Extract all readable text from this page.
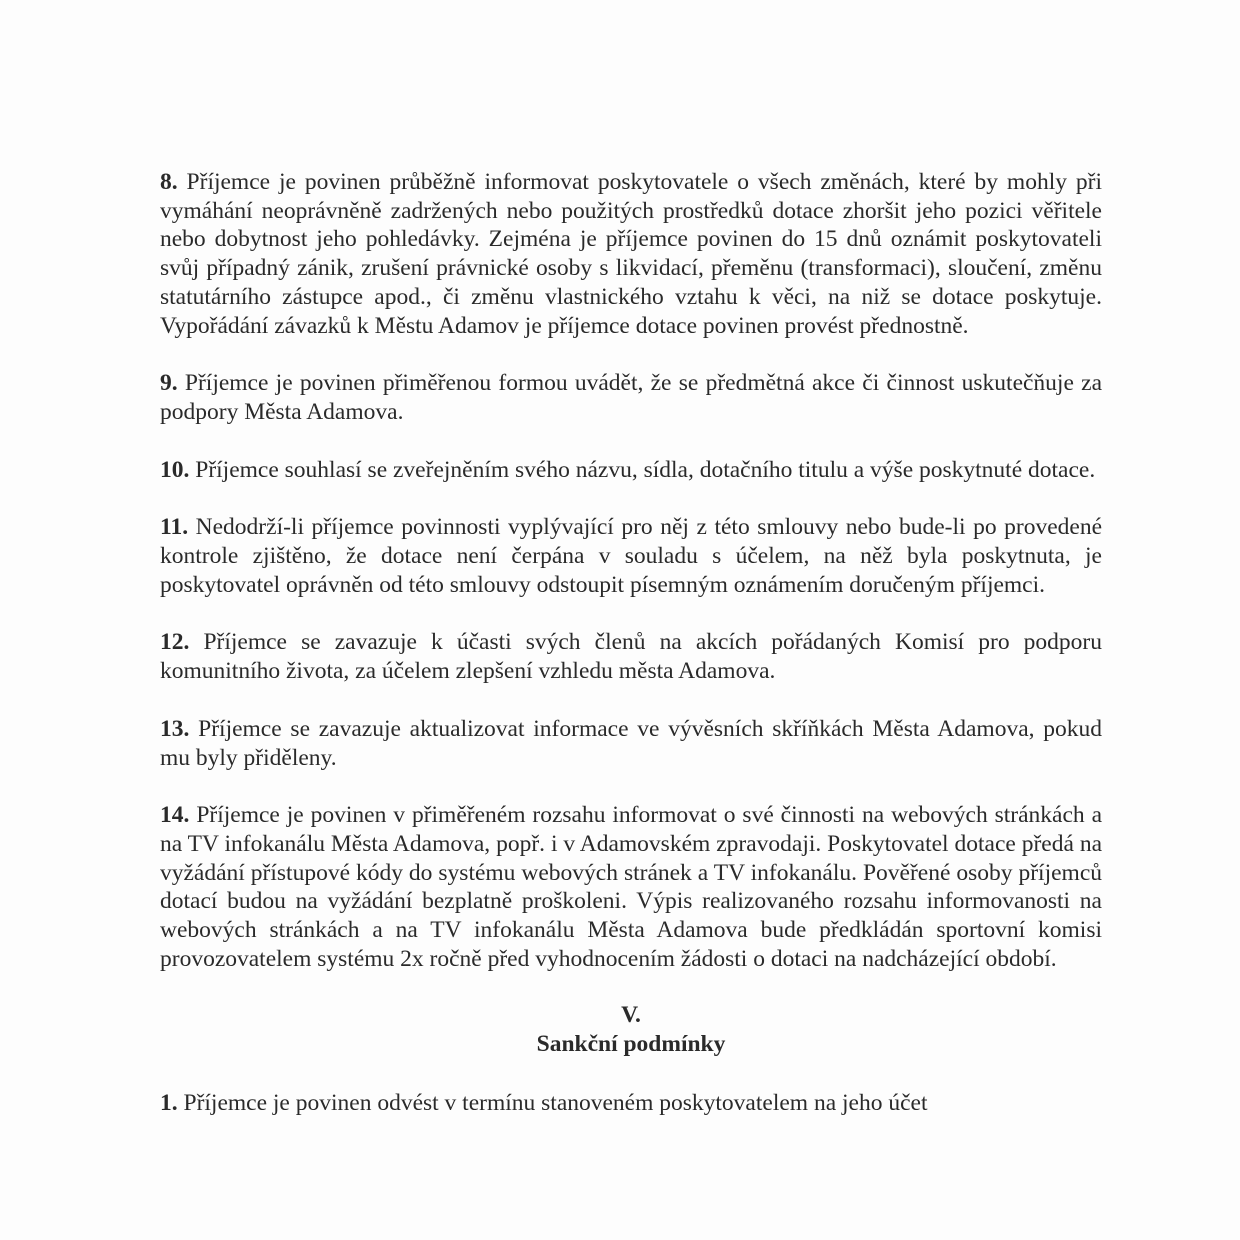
8. Příjemce je povinen průběžně informovat poskytovatele o všech změnách, které by mohly při vymáhání neoprávněně zadržených nebo použitých prostředků dotace zhoršit jeho pozici věřitele nebo dobytnost jeho pohledávky. Zejména je příjemce povinen do 15 dnů oznámit poskytovateli svůj případný zánik, zrušení právnické osoby s likvidací, přeměnu (transformaci), sloučení, změnu statutárního zástupce apod., či změnu vlastnického vztahu k věci, na niž se dotace poskytuje. Vypořádání závazků k Městu Adamov je příjemce dotace povinen provést přednostně.

9. Příjemce je povinen přiměřenou formou uvádět, že se předmětná akce či činnost uskutečňuje za podpory Města Adamova.

10. Příjemce souhlasí se zveřejněním svého názvu, sídla, dotačního titulu a výše poskytnuté dotace.

11. Nedodrží-li příjemce povinnosti vyplývající pro něj z této smlouvy nebo bude-li po provedené kontrole zjištěno, že dotace není čerpána v souladu s účelem, na něž byla poskytnuta, je poskytovatel oprávněn od této smlouvy odstoupit písemným oznámením doručeným příjemci.

12. Příjemce se zavazuje k účasti svých členů na akcích pořádaných Komisí pro podporu komunitního života, za účelem zlepšení vzhledu města Adamova.

13. Příjemce se zavazuje aktualizovat informace ve vývěsních skříňkách Města Adamova, pokud mu byly přiděleny.

14. Příjemce je povinen v přiměřeném rozsahu informovat o své činnosti na webových stránkách a na TV infokanálu Města Adamova, popř. i v Adamovském zpravodaji. Poskytovatel dotace předá na vyžádání přístupové kódy do systému webových stránek a TV infokanálu. Pověřené osoby příjemců dotací budou na vyžádání bezplatně proškoleni. Výpis realizovaného rozsahu informovanosti na webových stránkách a na TV infokanálu Města Adamova bude předkládán sportovní komisi provozovatelem systému 2x ročně před vyhodnocením žádosti o dotaci na nadcházející období.

V.

Sankční podmínky

1. Příjemce je povinen odvést v termínu stanoveném poskytovatelem na jeho účet
